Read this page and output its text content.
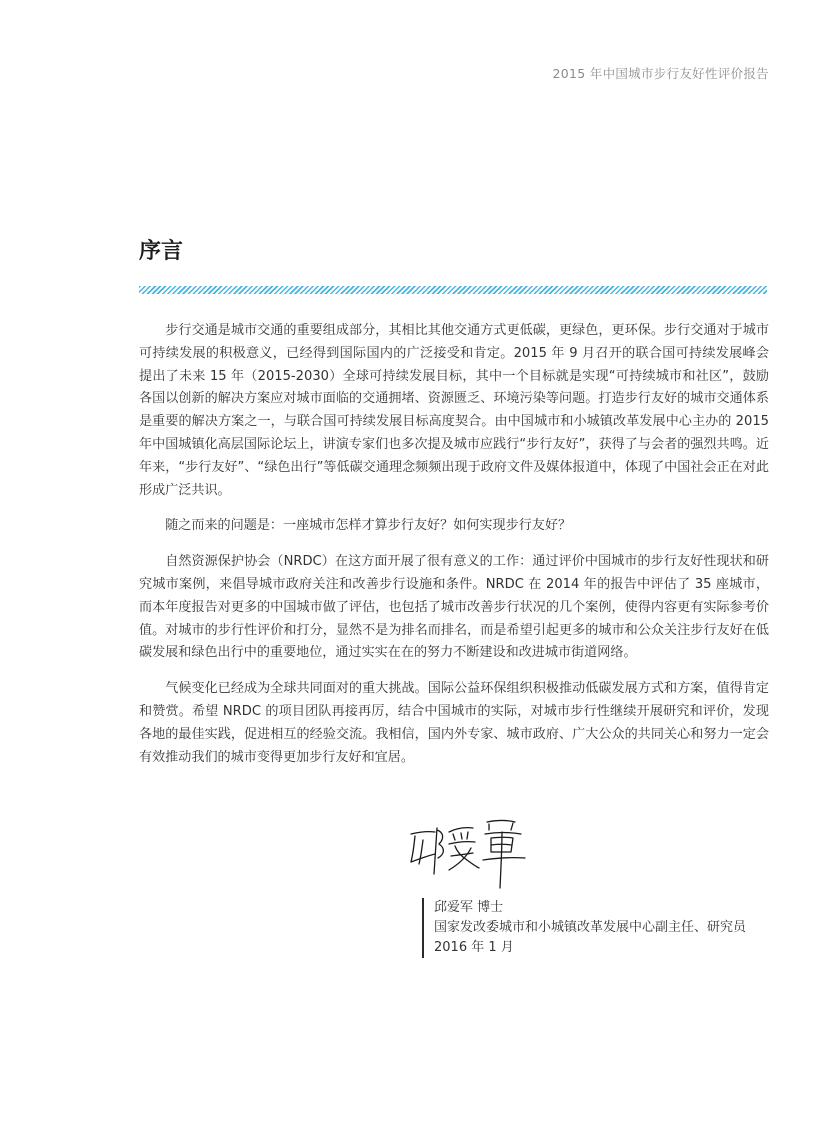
2015 年中国城市步行友好性评价报告
序言

步行交通是城市交通的重要组成部分，其相比其他交通方式更低碳，更绿色，更环保。步行交通对于城市可持续发展的积极意义，已经得到国际国内的广泛接受和肯定。2015 年 9 月召开的联合国可持续发展峰会提出了未来 15 年（2015-2030）全球可持续发展目标，其中一个目标就是实现“可持续城市和社区”，鼓励各国以创新的解决方案应对城市面临的交通拥堵、资源匮乏、环境污染等问题。打造步行友好的城市交通体系是重要的解决方案之一，与联合国可持续发展目标高度契合。由中国城市和小城镇改革发展中心主办的 2015 年中国城镇化高层国际论坛上，讲演专家们也多次提及城市应践行“步行友好”，获得了与会者的强烈共鸣。近年来，“步行友好”、“绿色出行”等低碳交通理念频频出现于政府文件及媒体报道中，体现了中国社会正在对此形成广泛共识。

随之而来的问题是：一座城市怎样才算步行友好？如何实现步行友好？

自然资源保护协会（NRDC）在这方面开展了很有意义的工作：通过评价中国城市的步行友好性现状和研究城市案例，来倡导城市政府关注和改善步行设施和条件。NRDC 在 2014 年的报告中评估了 35 座城市，而本年度报告对更多的中国城市做了评估，也包括了城市改善步行状况的几个案例，使得内容更有实际参考价值。对城市的步行性评价和打分，显然不是为排名而排名，而是希望引起更多的城市和公众关注步行友好在低碳发展和绿色出行中的重要地位，通过实实在在的努力不断建设和改进城市街道网络。

气候变化已经成为全球共同面对的重大挑战。国际公益环保组织积极推动低碳发展方式和方案，值得肯定和赞赏。希望 NRDC 的项目团队再接再厉，结合中国城市的实际，对城市步行性继续开展研究和评价，发现各地的最佳实践，促进相互的经验交流。我相信，国内外专家、城市政府、广大公众的共同关心和努力一定会有效推动我们的城市变得更加步行友好和宜居。

邱爱军 博士
国家发改委城市和小城镇改革发展中心副主任、研究员
2016 年 1 月
